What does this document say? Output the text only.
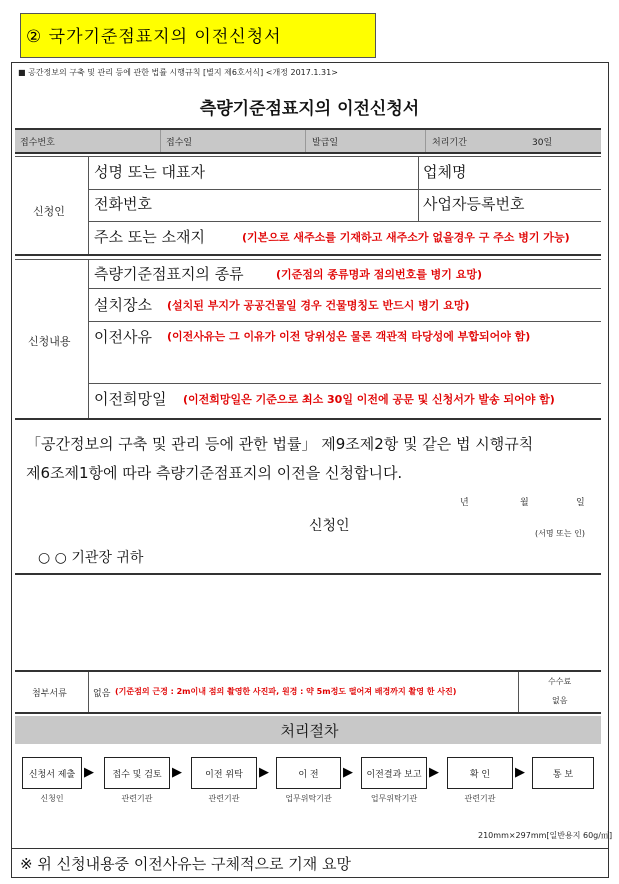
② 국가기준점표지의 이전신청서
■ 공간정보의 구축 및 관리 등에 관한 법률 시행규칙 [별지 제6호서식] <개정 2017.1.31>
측량기준점표지의 이전신청서
접수번호	접수일	발급일	처리기간	30일
신청인
성명 또는 대표자	업체명
전화번호	사업자등록번호
주소 또는 소재지	(기본으로 새주소를 기재하고 새주소가 없을경우 구 주소 병기 가능)
신청내용
측량기준점표지의 종류	(기준점의 종류명과 점의번호를 병기 요망)
설치장소 (설치된 부지가 공공건물일 경우 건물명칭도 반드시 병기 요망)
이전사유 (이전사유는 그 이유가 이전 당위성은 물론 객관적 타당성에 부합되어야 함)
이전희망일 (이전희망일은 기준으로 최소 30일 이전에 공문 및 신청서가 발송 되어야 함)
「공간정보의 구축 및 관리 등에 관한 법률」 제9조제2항 및 같은 법 시행규칙
제6조제1항에 따라 측량기준점표지의 이전을 신청합니다.
년	월	일
신청인	(서명 또는 인)
○ ○ 기관장 귀하
첨부서류	없음 (기준점의 근경 : 2m이내 점의 촬영한 사진파, 원경 : 약 5m정도 떨어져 배경까지 촬영 한 사진)
수수료
없음
처리절차
신청서 제출 ▶	접수 및 검토 ▶	이전 위탁	▶	이 전	▶	이전결과 보고 ▶	확 인	▶	통 보
신청인	관련기관	관련기관	업무위탁기관	업무위탁기관	관련기관
210mm×297mm[일반용지 60g/㎡]
※ 위 신청내용중 이전사유는 구체적으로 기재 요망
